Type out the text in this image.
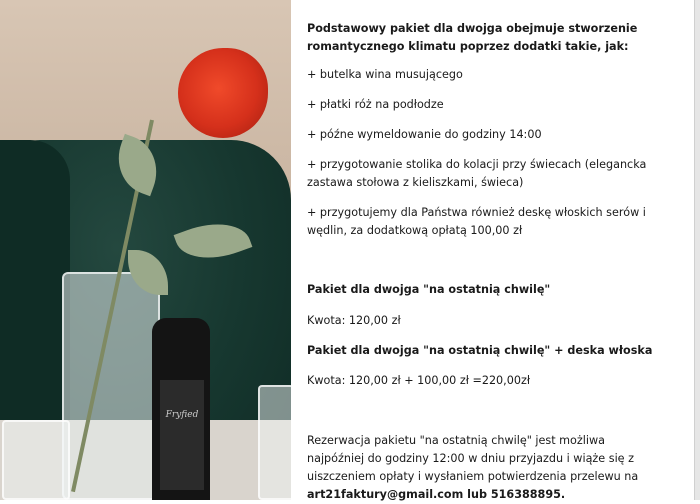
Fryfied
Podstawowy pakiet dla dwojga obejmuje stworzenie
romantycznego klimatu poprzez dodatki takie, jak:
+ butelka wina musującego
+ płatki róż na podłodze
+ późne wymeldowanie do godziny 14:00
+ przygotowanie stolika do kolacji przy świecach (elegancka
zastawa stołowa z kieliszkami, świeca)
+ przygotujemy dla Państwa również deskę włoskich serów i
wędlin, za dodatkową opłatą 100,00 zł
Pakiet dla dwojga "na ostatnią chwilę"
Kwota: 120,00 zł
Pakiet dla dwojga "na ostatnią chwilę" + deska włoska
Kwota: 120,00 zł + 100,00 zł =220,00zł
Rezerwacja pakietu "na ostatnią chwilę" jest możliwa
najpóźniej do godziny 12:00 w dniu przyjazdu i wiąże się z
uiszczeniem opłaty i wysłaniem potwierdzenia przelewu na
art21faktury@gmail.com lub 516388895.
